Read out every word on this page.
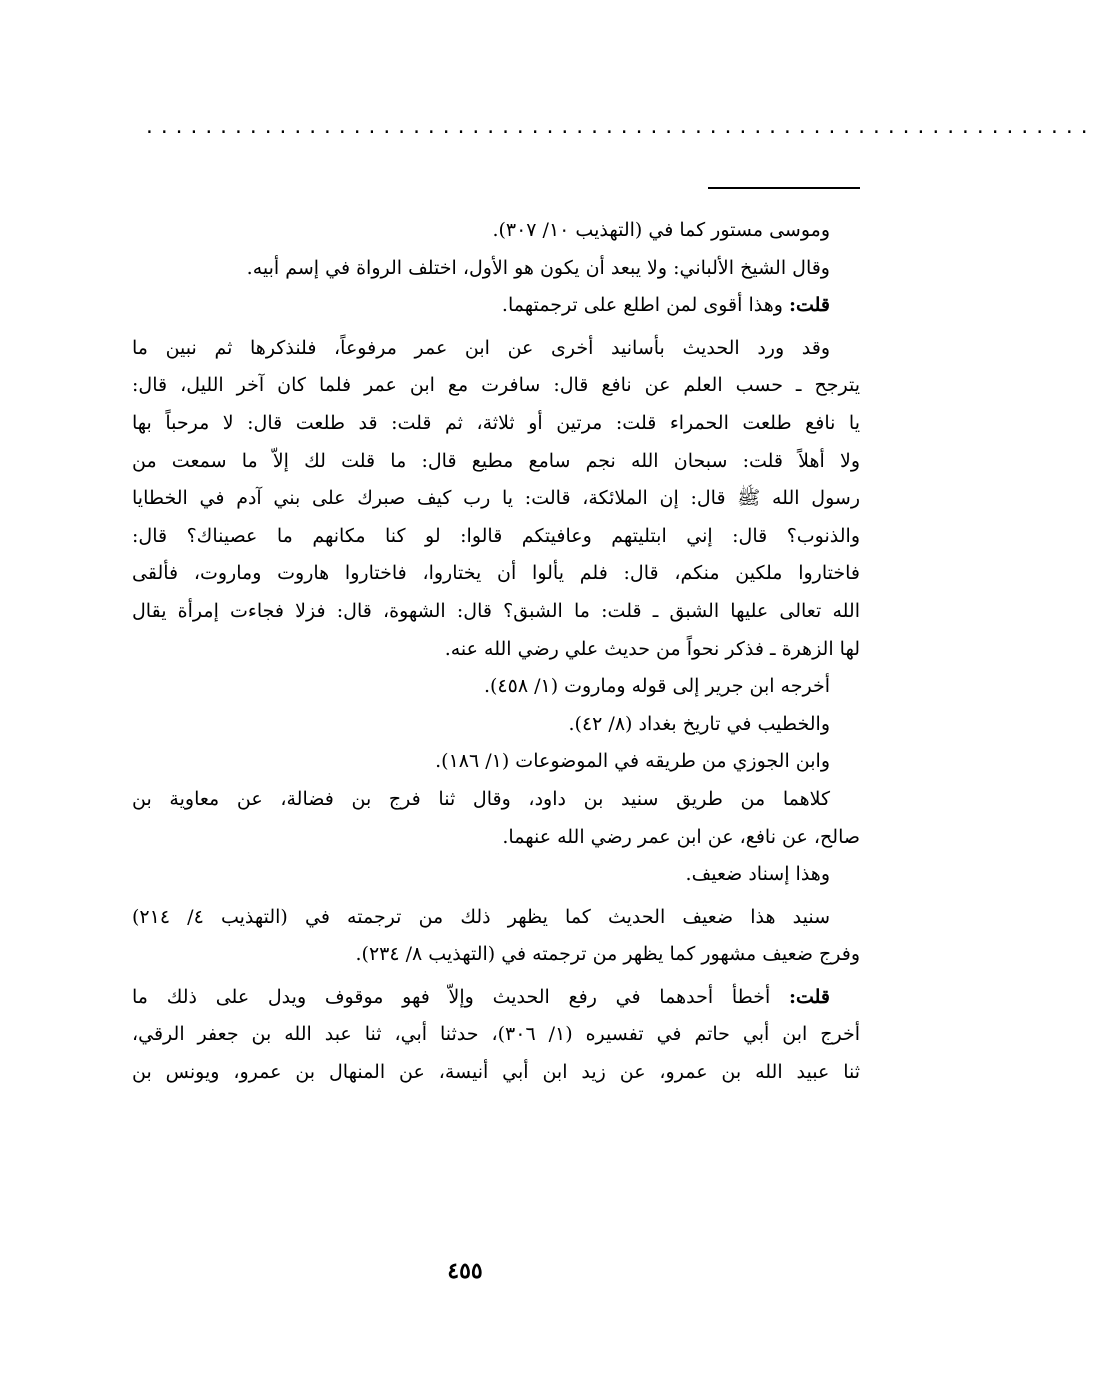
................................................................
وموسى مستور كما في (التهذيب ١٠/ ٣٠٧).
وقال الشيخ الألباني: ولا يبعد أن يكون هو الأول، اختلف الرواة في إسم أبيه.
قلت: وهذا أقوى لمن اطلع على ترجمتهما.
وقد ورد الحديث بأسانيد أخرى عن ابن عمر مرفوعاً، فلنذكرها ثم نبين ما
يترجح ـ حسب العلم عن نافع قال: سافرت مع ابن عمر فلما كان آخر الليل، قال:
يا نافع طلعت الحمراء قلت: مرتين أو ثلاثة، ثم قلت: قد طلعت قال: لا مرحباً بها
ولا أهلاً قلت: سبحان الله نجم سامع مطيع قال: ما قلت لك إلاّ ما سمعت من
رسول الله ﷺ قال: إن الملائكة، قالت: يا رب كيف صبرك على بني آدم في الخطايا
والذنوب؟ قال: إني ابتليتهم وعافيتكم قالوا: لو كنا مكانهم ما عصيناك؟ قال:
فاختاروا ملكين منكم، قال: فلم يألوا أن يختاروا، فاختاروا هاروت وماروت، فألقى
الله تعالى عليها الشبق ـ قلت: ما الشبق؟ قال: الشهوة، قال: فزلا فجاءت إمرأة يقال
لها الزهرة ـ فذكر نحواً من حديث علي رضي الله عنه.
أخرجه ابن جرير إلى قوله وماروت (١/ ٤٥٨).
والخطيب في تاريخ بغداد (٨/ ٤٢).
وابن الجوزي من طريقه في الموضوعات (١/ ١٨٦).
كلاهما من طريق سنيد بن داود، وقال ثنا فرج بن فضالة، عن معاوية بن
صالح، عن نافع، عن ابن عمر رضي الله عنهما.
وهذا إسناد ضعيف.
سنيد هذا ضعيف الحديث كما يظهر ذلك من ترجمته في (التهذيب ٤/ ٢١٤)
وفرج ضعيف مشهور كما يظهر من ترجمته في (التهذيب ٨/ ٢٣٤).
قلت: أخطأ أحدهما في رفع الحديث وإلاّ فهو موقوف ويدل على ذلك ما
أخرج ابن أبي حاتم في تفسيره (١/ ٣٠٦)، حدثنا أبي، ثنا عبد الله بن جعفر الرقي،
ثنا عبيد الله بن عمرو، عن زيد ابن أبي أنيسة، عن المنهال بن عمرو، ويونس بن
٤٥٥
